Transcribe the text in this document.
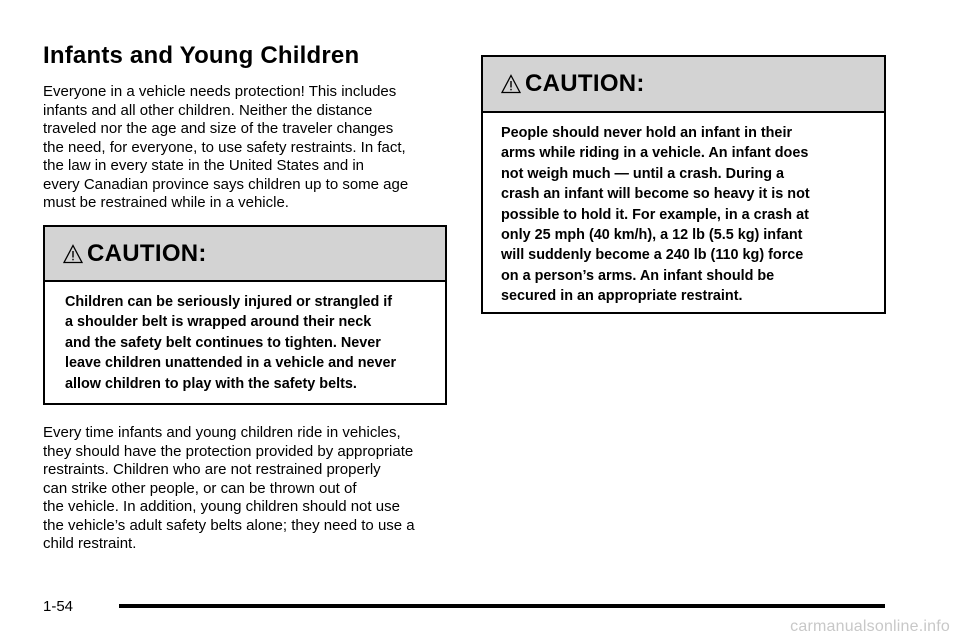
Infants and Young Children

Everyone in a vehicle needs protection! This includes
infants and all other children. Neither the distance
traveled nor the age and size of the traveler changes
the need, for everyone, to use safety restraints. In fact,
the law in every state in the United States and in
every Canadian province says children up to some age
must be restrained while in a vehicle.

CAUTION:
Children can be seriously injured or strangled if
a shoulder belt is wrapped around their neck
and the safety belt continues to tighten. Never
leave children unattended in a vehicle and never
allow children to play with the safety belts.

Every time infants and young children ride in vehicles,
they should have the protection provided by appropriate
restraints. Children who are not restrained properly
can strike other people, or can be thrown out of
the vehicle. In addition, young children should not use
the vehicle’s adult safety belts alone; they need to use a
child restraint.

CAUTION:
People should never hold an infant in their
arms while riding in a vehicle. An infant does
not weigh much — until a crash. During a
crash an infant will become so heavy it is not
possible to hold it. For example, in a crash at
only 25 mph (40 km/h), a 12 lb (5.5 kg) infant
will suddenly become a 240 lb (110 kg) force
on a person’s arms. An infant should be
secured in an appropriate restraint.
1-54
carmanualsonline.info
